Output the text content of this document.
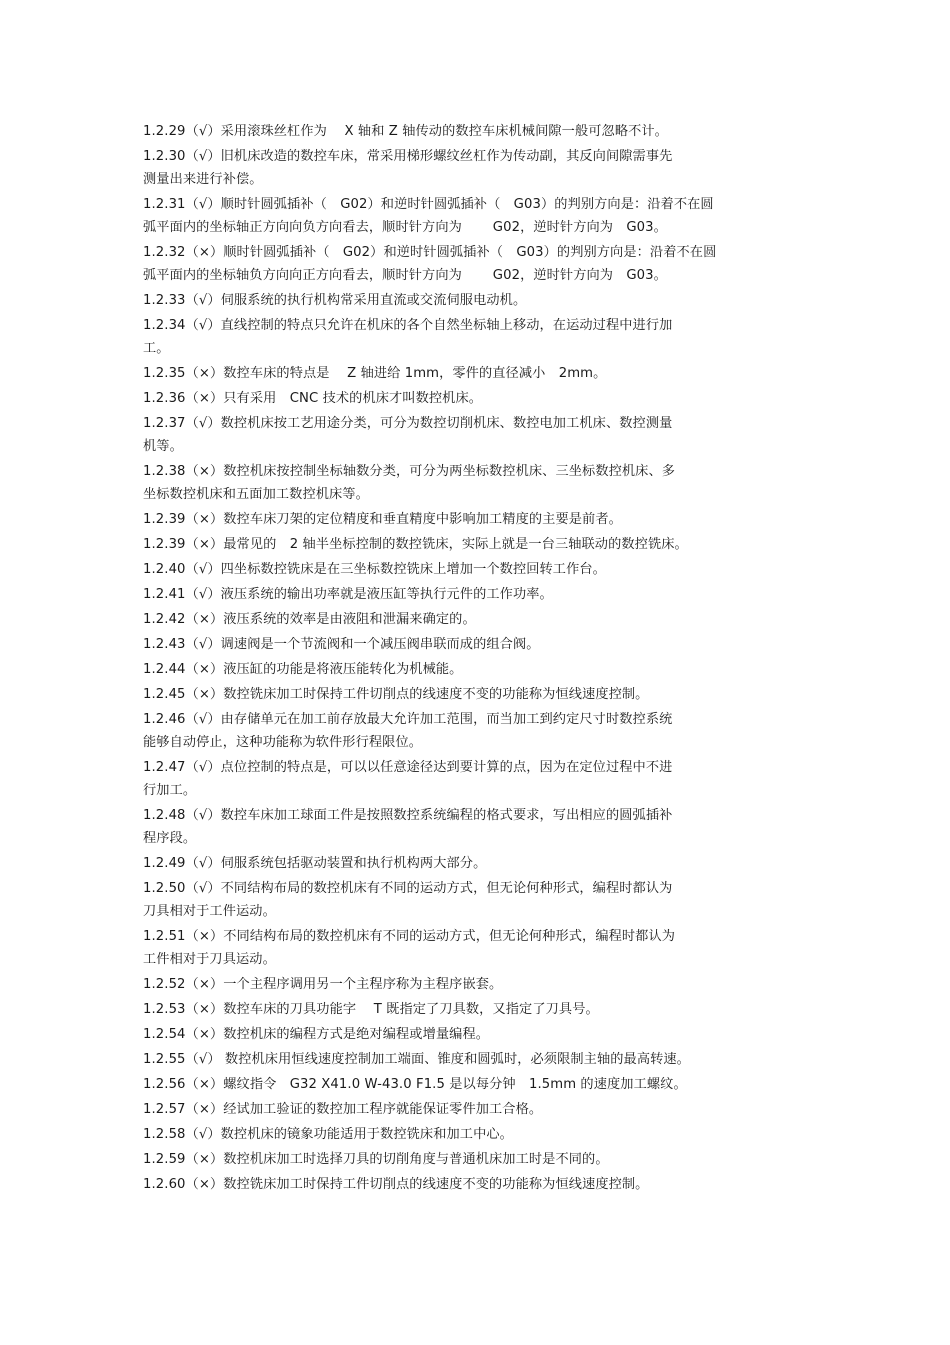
1.2.29（√）采用滚珠丝杠作为　 X 轴和 Z 轴传动的数控车床机械间隙一般可忽略不计。
1.2.30（√）旧机床改造的数控车床，常采用梯形螺纹丝杠作为传动副，其反向间隙需事先
测量出来进行补偿。
1.2.31（√）顺时针圆弧插补（　G02）和逆时针圆弧插补（　G03）的判别方向是：沿着不在圆
弧平面内的坐标轴正方向向负方向看去，顺时针方向为　　 G02，逆时针方向为　G03。
1.2.32（×）顺时针圆弧插补（　G02）和逆时针圆弧插补（　G03）的判别方向是：沿着不在圆
弧平面内的坐标轴负方向向正方向看去，顺时针方向为　　 G02，逆时针方向为　G03。
1.2.33（√）伺服系统的执行机构常采用直流或交流伺服电动机。
1.2.34（√）直线控制的特点只允许在机床的各个自然坐标轴上移动，在运动过程中进行加
工。
1.2.35（×）数控车床的特点是　 Z 轴进给 1mm，零件的直径减小　2mm。
1.2.36（×）只有采用　CNC 技术的机床才叫数控机床。
1.2.37（√）数控机床按工艺用途分类，可分为数控切削机床、数控电加工机床、数控测量
机等。
1.2.38（×）数控机床按控制坐标轴数分类，可分为两坐标数控机床、三坐标数控机床、多
坐标数控机床和五面加工数控机床等。
1.2.39（×）数控车床刀架的定位精度和垂直精度中影响加工精度的主要是前者。
1.2.39（×）最常见的　2 轴半坐标控制的数控铣床，实际上就是一台三轴联动的数控铣床。
1.2.40（√）四坐标数控铣床是在三坐标数控铣床上增加一个数控回转工作台。
1.2.41（√）液压系统的输出功率就是液压缸等执行元件的工作功率。
1.2.42（×）液压系统的效率是由液阻和泄漏来确定的。
1.2.43（√）调速阀是一个节流阀和一个减压阀串联而成的组合阀。
1.2.44（×）液压缸的功能是将液压能转化为机械能。
1.2.45（×）数控铣床加工时保持工件切削点的线速度不变的功能称为恒线速度控制。
1.2.46（√）由存储单元在加工前存放最大允许加工范围，而当加工到约定尺寸时数控系统
能够自动停止，这种功能称为软件形行程限位。
1.2.47（√）点位控制的特点是，可以以任意途径达到要计算的点，因为在定位过程中不进
行加工。
1.2.48（√）数控车床加工球面工件是按照数控系统编程的格式要求，写出相应的圆弧插补
程序段。
1.2.49（√）伺服系统包括驱动装置和执行机构两大部分。
1.2.50（√）不同结构布局的数控机床有不同的运动方式，但无论何种形式，编程时都认为
刀具相对于工件运动。
1.2.51（×）不同结构布局的数控机床有不同的运动方式，但无论何种形式，编程时都认为
工件相对于刀具运动。
1.2.52（×）一个主程序调用另一个主程序称为主程序嵌套。
1.2.53（×）数控车床的刀具功能字　 T 既指定了刀具数，又指定了刀具号。
1.2.54（×）数控机床的编程方式是绝对编程或增量编程。
1.2.55（√） 数控机床用恒线速度控制加工端面、锥度和圆弧时，必须限制主轴的最高转速。
1.2.56（×）螺纹指令　G32 X41.0 W-43.0 F1.5 是以每分钟　1.5mm 的速度加工螺纹。
1.2.57（×）经试加工验证的数控加工程序就能保证零件加工合格。
1.2.58（√）数控机床的镜象功能适用于数控铣床和加工中心。
1.2.59（×）数控机床加工时选择刀具的切削角度与普通机床加工时是不同的。
1.2.60（×）数控铣床加工时保持工件切削点的线速度不变的功能称为恒线速度控制。
